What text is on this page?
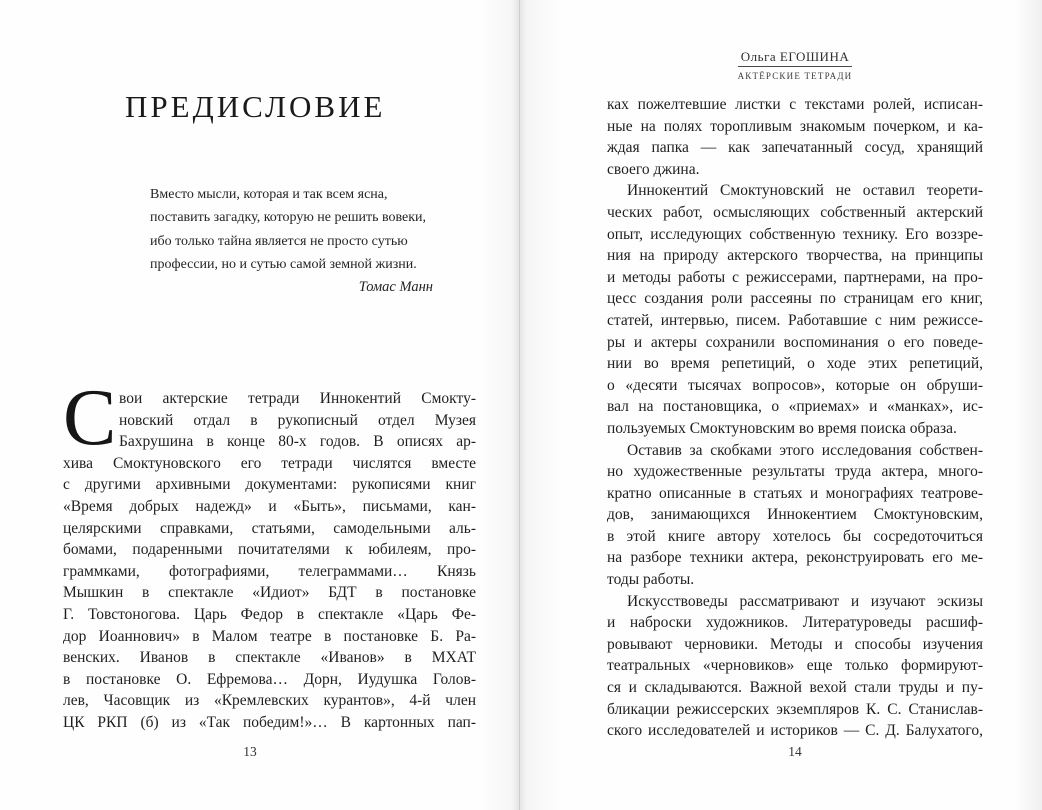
ПРЕДИСЛОВИЕ
Вместо мысли, которая и так всем ясна,
поставить загадку, которую не решить вовеки,
ибо только тайна является не просто сутью
профессии, но и сутью самой земной жизни.
Томас Манн
С вои актерские тетради Иннокентий Смокту-
новский отдал в рукописный отдел Музея
Бахрушина в конце 80-х годов. В описях ар-
хива Смоктуновского его тетради числятся вместе
с другими архивными документами: рукописями книг
«Время добрых надежд» и «Быть», письмами, кан-
целярскими справками, статьями, самодельными аль-
бомами, подаренными почитателями к юбилеям, про-
граммками, фотографиями, телеграммами… Князь
Мышкин в спектакле «Идиот» БДТ в постановке
Г. Товстоногова. Царь Федор в спектакле «Царь Фе-
дор Иоаннович» в Малом театре в постановке Б. Ра-
венских. Иванов в спектакле «Иванов» в МХАТ
в постановке О. Ефремова… Дорн, Иудушка Голов-
лев, Часовщик из «Кремлевских курантов», 4-й член
ЦК РКП (б) из «Так победим!»… В картонных пап-
13
Ольга ЕГОШИНА
АКТЁРСКИЕ ТЕТРАДИ
ках пожелтевшие листки с текстами ролей, исписан-
ные на полях торопливым знакомым почерком, и ка-
ждая папка — как запечатанный сосуд, хранящий
своего джина.
Иннокентий Смоктуновский не оставил теорети-
ческих работ, осмысляющих собственный актерский
опыт, исследующих собственную технику. Его воззре-
ния на природу актерского творчества, на принципы
и методы работы с режиссерами, партнерами, на про-
цесс создания роли рассеяны по страницам его книг,
статей, интервью, писем. Работавшие с ним режиссе-
ры и актеры сохранили воспоминания о его поведе-
нии во время репетиций, о ходе этих репетиций,
о «десяти тысячах вопросов», которые он обруши-
вал на постановщика, о «приемах» и «манках», ис-
пользуемых Смоктуновским во время поиска образа.
Оставив за скобками этого исследования собствен-
но художественные результаты труда актера, много-
кратно описанные в статьях и монографиях театрове-
дов, занимающихся Иннокентием Смоктуновским,
в этой книге автору хотелось бы сосредоточиться
на разборе техники актера, реконструировать его ме-
тоды работы.
Искусствоведы рассматривают и изучают эскизы
и наброски художников. Литературоведы расшиф-
ровывают черновики. Методы и способы изучения
театральных «черновиков» еще только формируют-
ся и складываются. Важной вехой стали труды и пу-
бликации режиссерских экземпляров К. С. Станислав-
ского исследователей и историков — С. Д. Балухатого,
14
